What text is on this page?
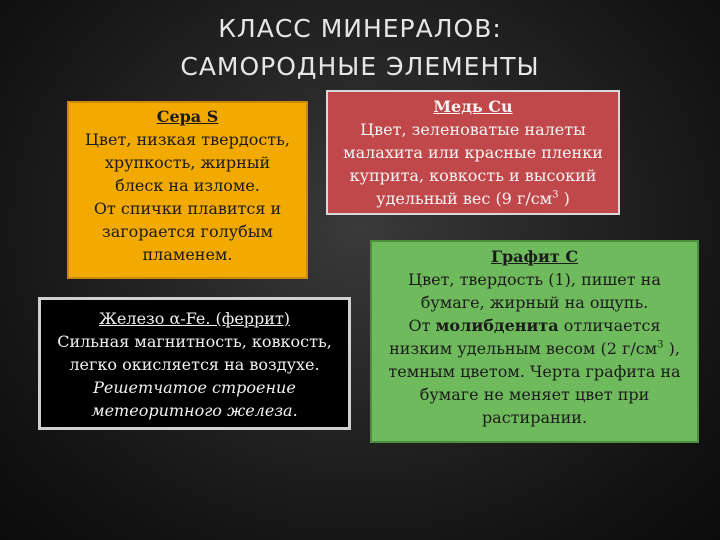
КЛАСС МИНЕРАЛОВ:
САМОРОДНЫЕ ЭЛЕМЕНТЫ
Сера S
Цвет, низкая твердость,
хрупкость, жирный
блеск на изломе.
От спички плавится и
загорается голубым
пламенем.
Медь Cu
Цвет, зеленоватые налеты
малахита или красные пленки
куприта, ковкость и высокий
удельный вес (9 $г/см^3$ )
Железо α-Fe. (феррит)
Сильная магнитность, ковкость,
легко окисляется на воздухе.
Решетчатое строение
метеоритного железа.
Графит C
Цвет, твердость (1), пишет на
бумаге, жирный на ощупь.
От молибденита отличается
низким удельным весом (2 $г/см^3$ ),
темным цветом. Черта графита на
бумаге не меняет цвет при
растирании.
